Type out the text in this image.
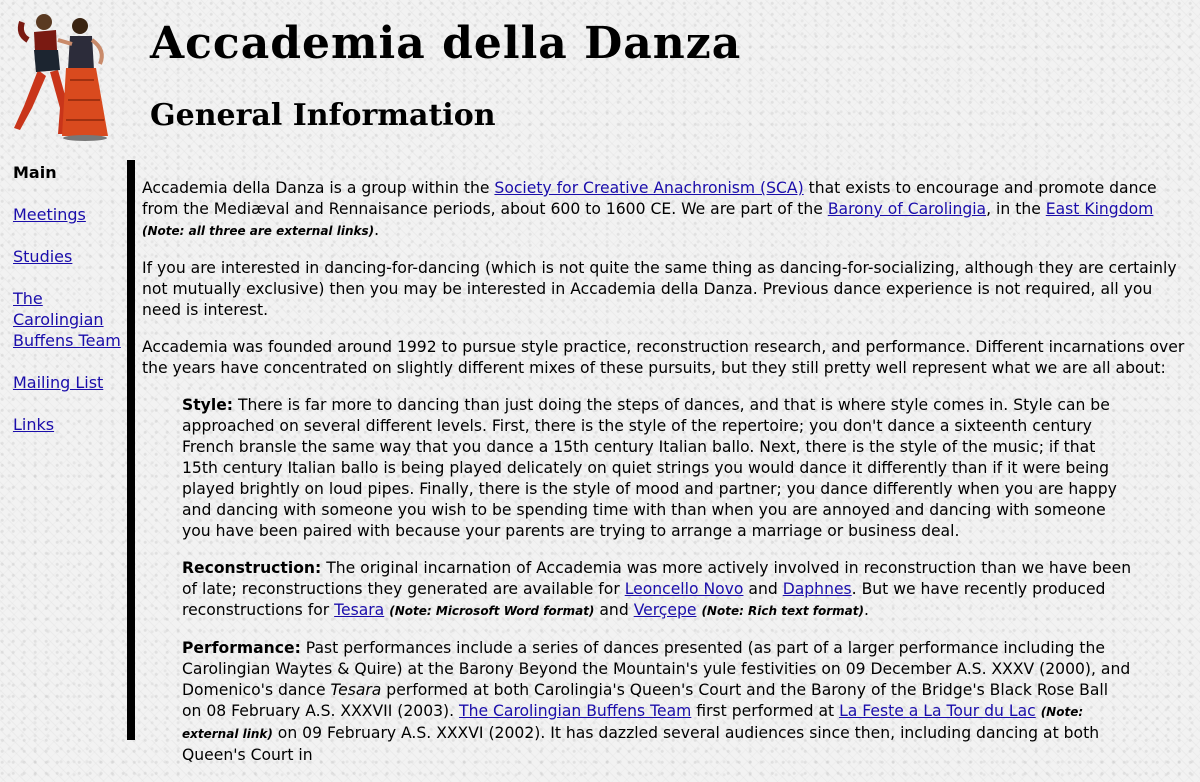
Accademia della Danza
General Information
Main
Meetings
Studies
The Carolingian Buffens Team
Mailing List
Links

Accademia della Danza is a group within the Society for Creative Anachronism (SCA) that exists to encourage and promote dance from the Mediæval and Rennaisance periods, about 600 to 1600 CE. We are part of the Barony of Carolingia, in the East Kingdom (Note: all three are external links).

If you are interested in dancing-for-dancing (which is not quite the same thing as dancing-for-socializing, although they are certainly not mutually exclusive) then you may be interested in Accademia della Danza. Previous dance experience is not required, all you need is interest.

Accademia was founded around 1992 to pursue style practice, reconstruction research, and performance. Different incarnations over the years have concentrated on slightly different mixes of these pursuits, but they still pretty well represent what we are all about:

Style: There is far more to dancing than just doing the steps of dances, and that is where style comes in. Style can be approached on several different levels. First, there is the style of the repertoire; you don't dance a sixteenth century French bransle the same way that you dance a 15th century Italian ballo. Next, there is the style of the music; if that 15th century Italian ballo is being played delicately on quiet strings you would dance it differently than if it were being played brightly on loud pipes. Finally, there is the style of mood and partner; you dance differently when you are happy and dancing with someone you wish to be spending time with than when you are annoyed and dancing with someone you have been paired with because your parents are trying to arrange a marriage or business deal.

Reconstruction: The original incarnation of Accademia was more actively involved in reconstruction than we have been of late; reconstructions they generated are available for Leoncello Novo and Daphnes. But we have recently produced reconstructions for Tesara (Note: Microsoft Word format) and Verçepe (Note: Rich text format).

Performance: Past performances include a series of dances presented (as part of a larger performance including the Carolingian Waytes & Quire) at the Barony Beyond the Mountain's yule festivities on 09 December A.S. XXXV (2000), and Domenico's dance Tesara performed at both Carolingia's Queen's Court and the Barony of the Bridge's Black Rose Ball on 08 February A.S. XXXVII (2003). The Carolingian Buffens Team first performed at La Feste a La Tour du Lac (Note: external link) on 09 February A.S. XXXVI (2002). It has dazzled several audiences since then, including dancing at both Queen's Court in
